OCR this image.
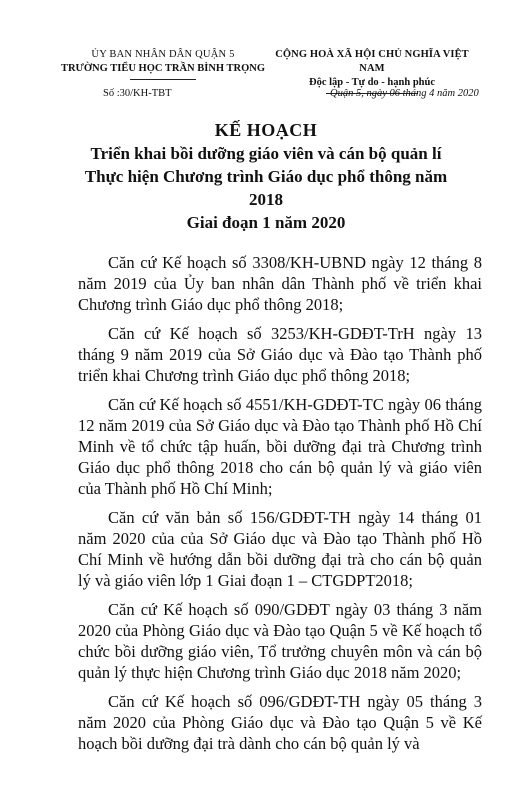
ỦY BAN NHÂN DÂN QUẬN 5
TRƯỜNG TIỂU HỌC TRẦN BÌNH TRỌNG
CỘNG HOÀ XÃ HỘI CHỦ NGHĨA VIỆT NAM
Độc lập - Tự do - hạnh phúc
Số :30/KH-TBT	Quận 5, ngày 06 tháng 4 năm 2020
KẾ HOẠCH
Triển khai bồi dưỡng giáo viên và cán bộ quản lí
Thực hiện Chương trình Giáo dục phổ thông năm
2018
Giai đoạn 1 năm 2020

Căn cứ Kế hoạch số 3308/KH-UBND ngày 12 tháng 8 năm 2019 của Ủy ban nhân dân Thành phố về triển khai Chương trình Giáo dục phổ thông 2018;

Căn cứ Kế hoạch số 3253/KH-GDĐT-TrH ngày 13 tháng 9 năm 2019 của Sở Giáo dục và Đào tạo Thành phố triển khai Chương trình Giáo dục phổ thông 2018;

Căn cứ Kế hoạch số 4551/KH-GDĐT-TC ngày 06 tháng 12 năm 2019 của Sở Giáo dục và Đào tạo Thành phố Hồ Chí Minh về tổ chức tập huấn, bồi dưỡng đại trà Chương trình Giáo dục phổ thông 2018 cho cán bộ quản lý và giáo viên của Thành phố Hồ Chí Minh;

Căn cứ văn bản số 156/GDĐT-TH ngày 14 tháng 01 năm 2020 của của Sở Giáo dục và Đào tạo Thành phố Hồ Chí Minh về hướng dẫn bồi dưỡng đại trà cho cán bộ quản lý và giáo viên lớp 1 Giai đoạn 1 – CTGDPT2018;

Căn cứ Kế hoạch số 090/GDĐT ngày 03 tháng 3 năm 2020 của Phòng Giáo dục và Đào tạo Quận 5 về Kế hoạch tổ chức bồi dưỡng giáo viên, Tổ trưởng chuyên môn và cán bộ quản lý thực hiện Chương trình Giáo dục 2018 năm 2020;

Căn cứ Kế hoạch số 096/GDĐT-TH ngày 05 tháng 3 năm 2020 của Phòng Giáo dục và Đào tạo Quận 5 về Kế hoạch bồi dưỡng đại trà dành cho cán bộ quản lý và
